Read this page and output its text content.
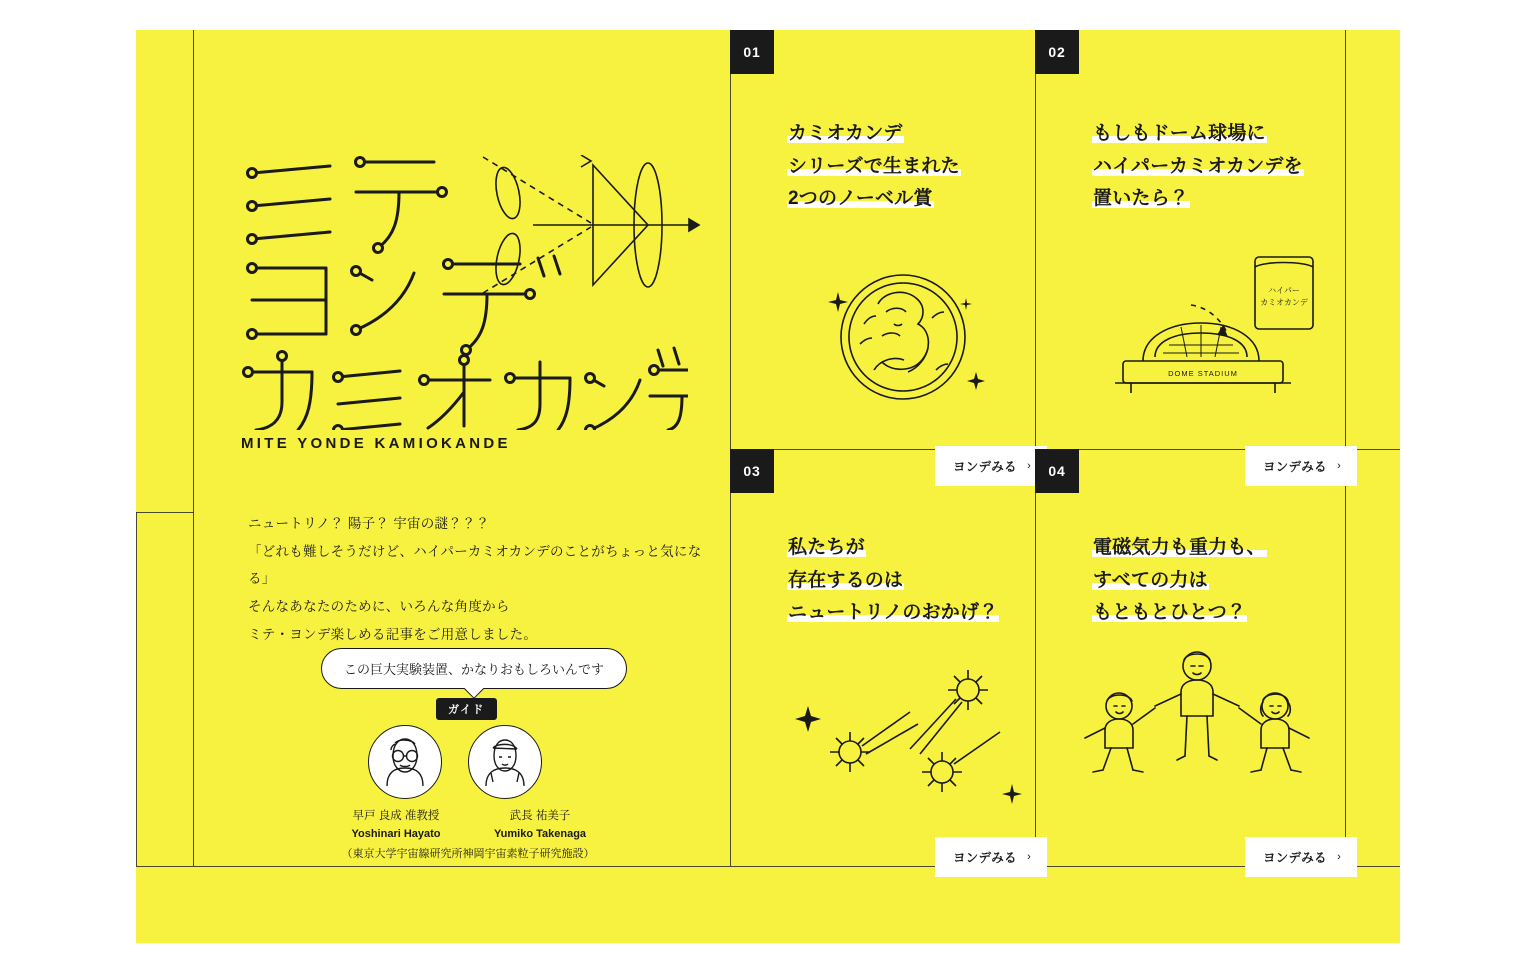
MITE YONDE KAMIOKANDE
ニュートリノ？ 陽子？ 宇宙の謎？？？
「どれも難しそうだけど、ハイパーカミオカンデのことがちょっと気になる」
そんなあなたのために、いろんな角度から
ミテ・ヨンデ楽しめる記事をご用意しました。
この巨大実験装置、かなりおもしろいんです
ガイド
早戸 良成 准教授
Yoshinari Hayato
武長 祐美子
Yumiko Takenaga
（東京大学宇宙線研究所神岡宇宙素粒子研究施設）
01
カミオカンデ
シリーズで生まれた
2つのノーベル賞
ヨンデみる ›
02
もしもドーム球場に
ハイパーカミオカンデを
置いたら？
ハイパー
カミオカンデ
DOME STADIUM
ヨンデみる ›
03
私たちが
存在するのは
ニュートリノのおかげ？
ヨンデみる ›
04
電磁気力も重力も、
すべての力は
もともとひとつ？
ヨンデみる ›
